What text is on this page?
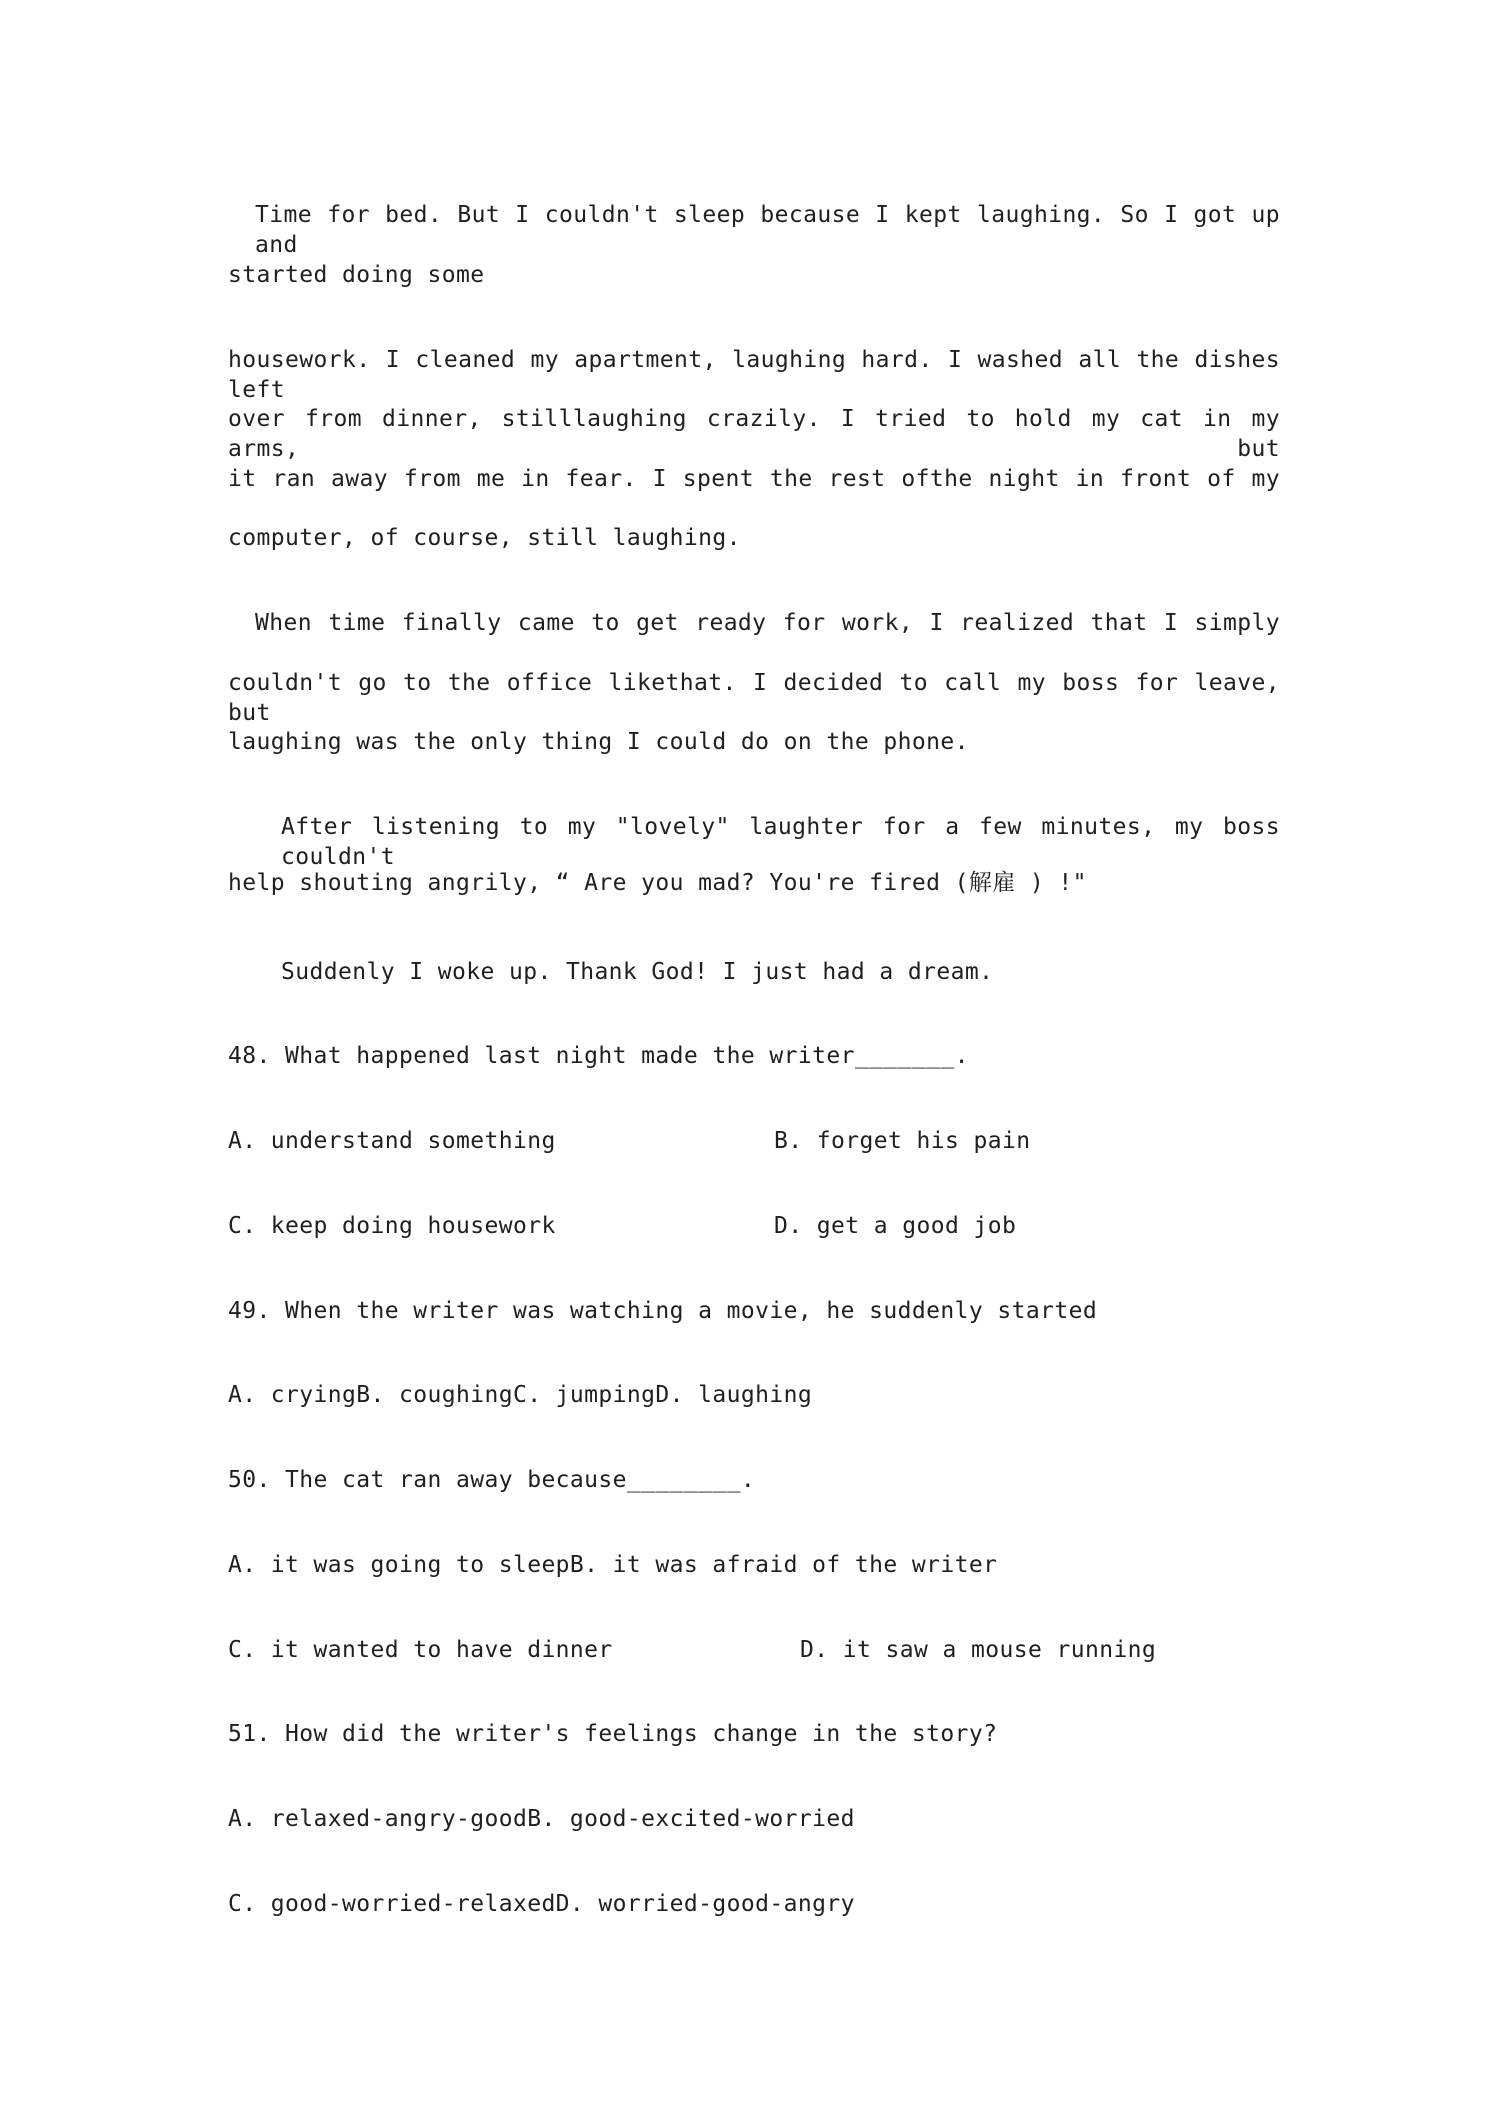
Time for bed. But I couldn't sleep because I kept laughing. So I got up and
started doing some
housework. I cleaned my apartment, laughing hard. I washed all the dishes left
over from dinner, stilllaughing crazily. I tried to hold my cat in my arms, but
it ran away from me in fear. I spent the rest ofthe night in front of my
computer, of course, still laughing.
When time finally came to get ready for work, I realized that I simply
couldn't go to the office likethat. I decided to call my boss for leave, but
laughing was the only thing I could do on the phone.
After listening to my "lovely" laughter for a few minutes, my boss couldn't
help shouting angrily, “ Are you mad? You're fired (解雇 ) !"
Suddenly I woke up. Thank God! I just had a dream.
48. What happened last night made the writer_______.
A. understand something	B. forget his pain
C. keep doing housework	D. get a good job
49. When the writer was watching a movie, he suddenly started
A. cryingB. coughingC. jumpingD. laughing
50. The cat ran away because________.
A. it was going to sleepB. it was afraid of the writer
C. it wanted to have dinner	D. it saw a mouse running
51. How did the writer's feelings change in the story?
A. relaxed-angry-goodB. good-excited-worried
C. good-worried-relaxedD. worried-good-angry
